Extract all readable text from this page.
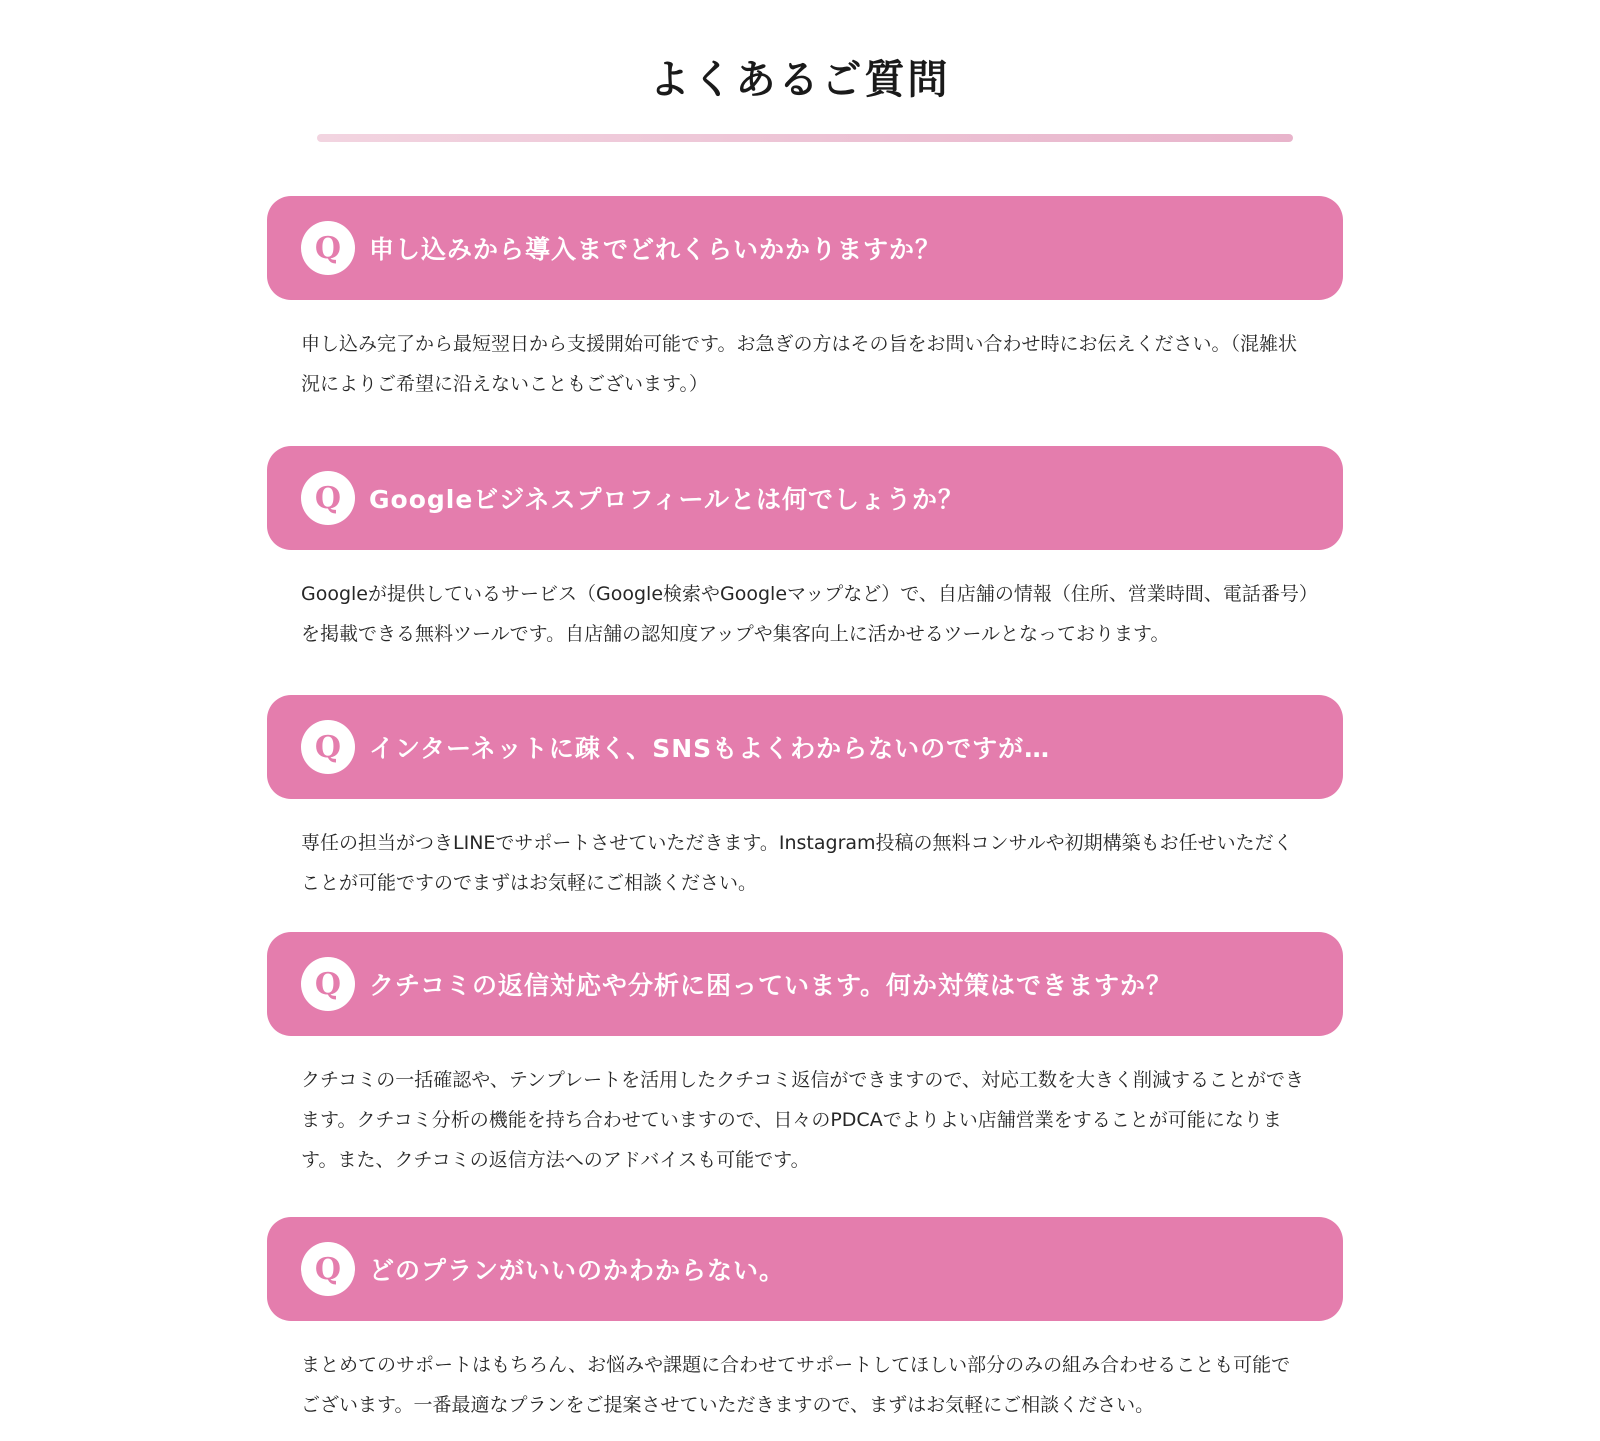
よくあるご質問
Q	申し込みから導入までどれくらいかかりますか？

申し込み完了から最短翌日から支援開始可能です。お急ぎの方はその旨をお問い合わせ時にお伝えください。（混雑状況によりご希望に沿えないこともございます。）

Q	Googleビジネスプロフィールとは何でしょうか？

Googleが提供しているサービス（Google検索やGoogleマップなど）で、自店舗の情報（住所、営業時間、電話番号）を掲載できる無料ツールです。自店舗の認知度アップや集客向上に活かせるツールとなっております。

Q	インターネットに疎く、SNSもよくわからないのですが…

専任の担当がつきLINEでサポートさせていただきます。Instagram投稿の無料コンサルや初期構築もお任せいただくことが可能ですのでまずはお気軽にご相談ください。

Q	クチコミの返信対応や分析に困っています。何か対策はできますか？

クチコミの一括確認や、テンプレートを活用したクチコミ返信ができますので、対応工数を大きく削減することができます。クチコミ分析の機能を持ち合わせていますので、日々のPDCAでよりよい店舗営業をすることが可能になります。また、クチコミの返信方法へのアドバイスも可能です。

Q	どのプランがいいのかわからない。

まとめてのサポートはもちろん、お悩みや課題に合わせてサポートしてほしい部分のみの組み合わせることも可能でございます。一番最適なプランをご提案させていただきますので、まずはお気軽にご相談ください。
